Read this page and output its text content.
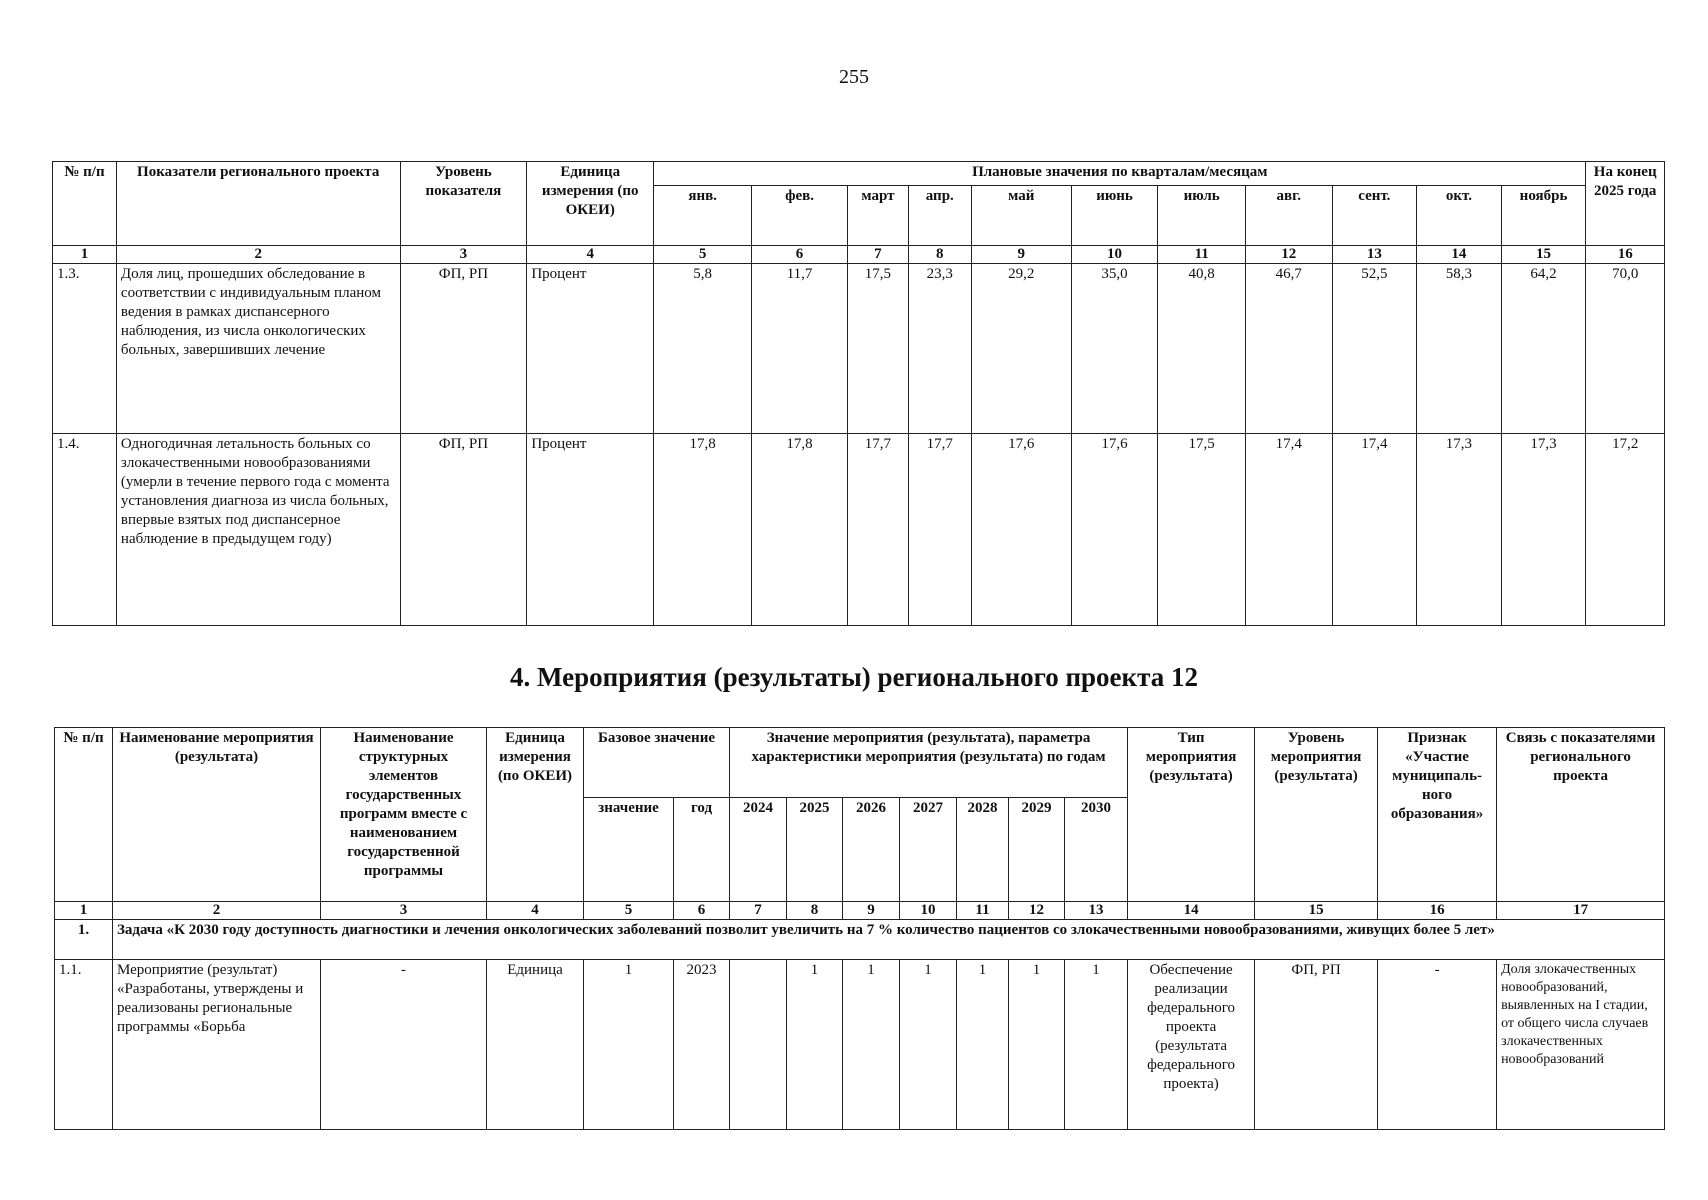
255
№ п/п	Показатели регионального проекта	Уровень показателя	Единица измерения (по ОКЕИ)	Плановые значения по кварталам/месяцам											На конец 2025 года
				янв.	фев.	март	апр.	май	июнь	июль	авг.	сент.	окт.	ноябрь	
1	2	3	4	5	6	7	8	9	10	11	12	13	14	15	16
1.3.	Доля лиц, прошедших обследование в соответствии с индивидуальным планом ведения в рамках диспансерного наблюдения, из числа онкологических больных, завершивших лечение	ФП, РП	Процент	5,8	11,7	17,5	23,3	29,2	35,0	40,8	46,7	52,5	58,3	64,2	70,0
1.4.	Одногодичная летальность больных со злокачественными новообразованиями (умерли в течение первого года с момента установления диагноза из числа больных, впервые взятых под диспансерное наблюдение в предыдущем году)	ФП, РП	Процент	17,8	17,8	17,7	17,7	17,6	17,6	17,5	17,4	17,4	17,3	17,3	17,2
4. Мероприятия (результаты) регионального проекта 12
№ п/п	Наименование мероприятия (результата)	Наименование структурных элементов государственных программ вместе с наименованием государственной программы	Единица измерения (по ОКЕИ)	Базовое значение		Значение мероприятия (результата), параметра характеристики мероприятия (результата) по годам							Тип мероприятия (результата)	Уровень мероприятия (результата)	Признак «Участие муниципаль-ного образования»	Связь с показателями регионального проекта
				значение	год	2024	2025	2026	2027	2028	2029	2030				
1	2	3	4	5	6	7	8	9	10	11	12	13	14	15	16	17
1.	Задача «К 2030 году доступность диагностики и лечения онкологических заболеваний позволит увеличить на 7 % количество пациентов со злокачественными новообразованиями, живущих более 5 лет»															
1.1.	Мероприятие (результат) «Разработаны, утверждены и реализованы региональные программы «Борьба	-	Единица	1	2023		1	1	1	1	1	1	Обеспечение реализации федерального проекта (результата федерального проекта)	ФП, РП	-	Доля злокачественных новообразований, выявленных на I стадии, от общего числа случаев злокачественных новообразований
